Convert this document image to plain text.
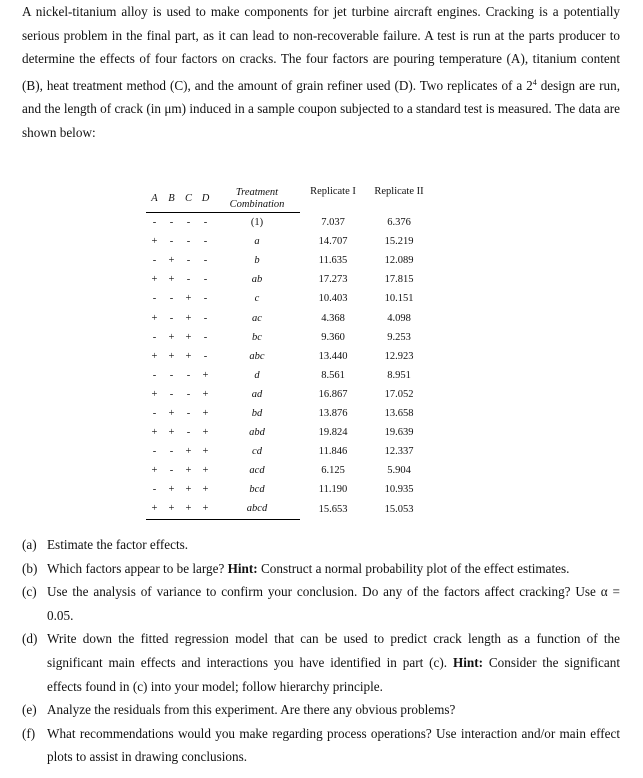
A nickel-titanium alloy is used to make components for jet turbine aircraft engines. Cracking is a potentially serious problem in the final part, as it can lead to non-recoverable failure. A test is run at the parts producer to determine the effects of four factors on cracks. The four factors are pouring temperature (A), titanium content (B), heat treatment method (C), and the amount of grain refiner used (D). Two replicates of a $2^4$ design are run, and the length of crack (in μm) induced in a sample coupon subjected to a standard test is measured. The data are shown below:

A	B	C	D	Treatment Combination	Replicate I	Replicate II
-	-	-	-	(1)	7.037	6.376
+	-	-	-	a	14.707	15.219
-	+	-	-	b	11.635	12.089
+	+	-	-	ab	17.273	17.815
-	-	+	-	c	10.403	10.151
+	-	+	-	ac	4.368	4.098
-	+	+	-	bc	9.360	9.253
+	+	+	-	abc	13.440	12.923
-	-	-	+	d	8.561	8.951
+	-	-	+	ad	16.867	17.052
-	+	-	+	bd	13.876	13.658
+	+	-	+	abd	19.824	19.639
-	-	+	+	cd	11.846	12.337
+	-	+	+	acd	6.125	5.904
-	+	+	+	bcd	11.190	10.935
+	+	+	+	abcd	15.653	15.053

(a) Estimate the factor effects.
(b) Which factors appear to be large? Hint: Construct a normal probability plot of the effect estimates.
(c) Use the analysis of variance to confirm your conclusion. Do any of the factors affect cracking? Use α = 0.05.
(d) Write down the fitted regression model that can be used to predict crack length as a function of the significant main effects and interactions you have identified in part (c). Hint: Consider the significant effects found in (c) into your model; follow hierarchy principle.
(e) Analyze the residuals from this experiment. Are there any obvious problems?
(f) What recommendations would you make regarding process operations? Use interaction and/or main effect plots to assist in drawing conclusions.
